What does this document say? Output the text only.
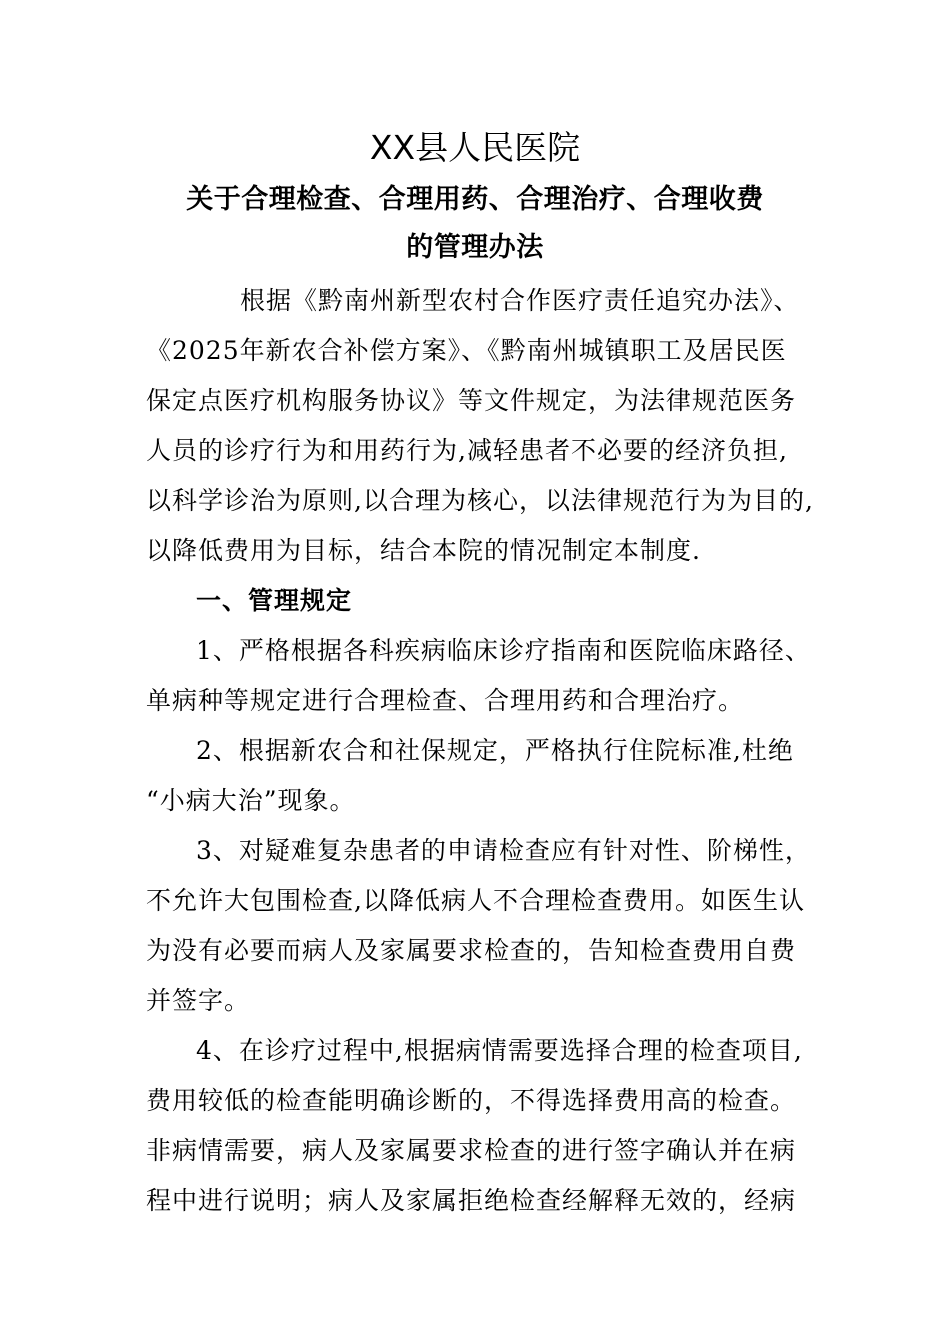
XX县人民医院
关于合理检查、合理用药、合理治疗、合理收费
的管理办法
根据《黔南州新型农村合作医疗责任追究办法》、
《2025年新农合补偿方案》、《黔南州城镇职工及居民医
保定点医疗机构服务协议》等文件规定，为法律规范医务
人员的诊疗行为和用药行为,减轻患者不必要的经济负担,
以科学诊治为原则,以合理为核心，以法律规范行为为目的,
以降低费用为目标，结合本院的情况制定本制度.
一、管理规定
1、严格根据各科疾病临床诊疗指南和医院临床路径、
单病种等规定进行合理检查、合理用药和合理治疗。
2、根据新农合和社保规定，严格执行住院标准,杜绝
“小病大治”现象。
3、对疑难复杂患者的申请检查应有针对性、阶梯性，
不允许大包围检查,以降低病人不合理检查费用。如医生认
为没有必要而病人及家属要求检查的，告知检查费用自费
并签字。
4、在诊疗过程中,根据病情需要选择合理的检查项目,
费用较低的检查能明确诊断的，不得选择费用高的检查。
非病情需要，病人及家属要求检查的进行签字确认并在病
程中进行说明；病人及家属拒绝检查经解释无效的，经病
